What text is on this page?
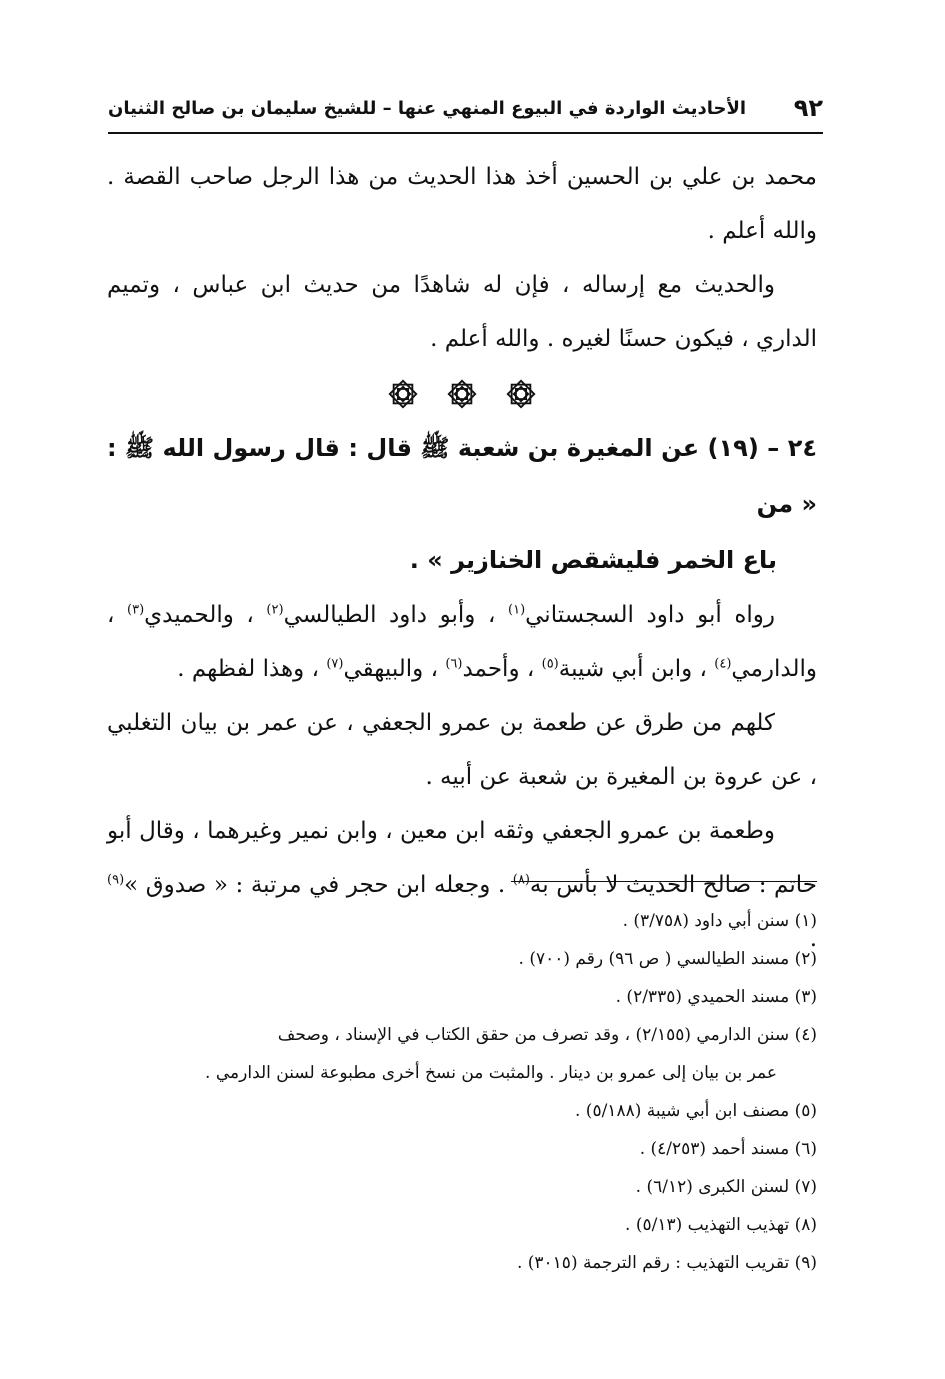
٩٢
الأحاديث الواردة في البيوع المنهي عنها – للشيخ سليمان بن صالح الثنيان

محمد بن علي بن الحسين أخذ هذا الحديث من هذا الرجل صاحب القصة . والله أعلم .

والحديث مع إرساله ، فإن له شاهدًا من حديث ابن عباس ، وتميم الداري ، فيكون حسنًا لغيره . والله أعلم .

٢٤ – (١٩) عن المغيرة بن شعبة ﷺ قال : قال رسول الله ﷺ : « من
باع الخمر فليشقص الخنازير » .

رواه أبو داود السجستاني$^{(١)}$ ، وأبو داود الطيالسي$^{(٢)}$ ، والحميدي$^{(٣)}$ ، والدارمي$^{(٤)}$ ، وابن أبي شيبة$^{(٥)}$ ، وأحمد$^{(٦)}$ ، والبيهقي$^{(٧)}$ ، وهذا لفظهم .

كلهم من طرق عن طعمة بن عمرو الجعفي ، عن عمر بن بيان التغلبي ، عن عروة بن المغيرة بن شعبة عن أبيه .

وطعمة بن عمرو الجعفي وثقه ابن معين ، وابن نمير وغيرهما ، وقال أبو حاتم : صالح الحديث لا بأس به$^{(٨)}$ . وجعله ابن حجر في مرتبة : « صدوق »$^{(٩)}$ .

(١) سنن أبي داود (٣/٧٥٨) .

(٢) مسند الطيالسي ( ص ٩٦) رقم (٧٠٠) .

(٣) مسند الحميدي (٢/٣٣٥) .

(٤) سنن الدارمي (٢/١٥٥) ، وقد تصرف من حقق الكتاب في الإسناد ، وصحف

عمر بن بيان إلى عمرو بن دينار . والمثبت من نسخ أخرى مطبوعة لسنن الدارمي .

(٥) مصنف ابن أبي شيبة (٥/١٨٨) .

(٦) مسند أحمد (٤/٢٥٣) .

(٧) لسنن الكبرى (٦/١٢) .

(٨) تهذيب التهذيب (٥/١٣) .

(٩) تقريب التهذيب : رقم الترجمة (٣٠١٥) .
